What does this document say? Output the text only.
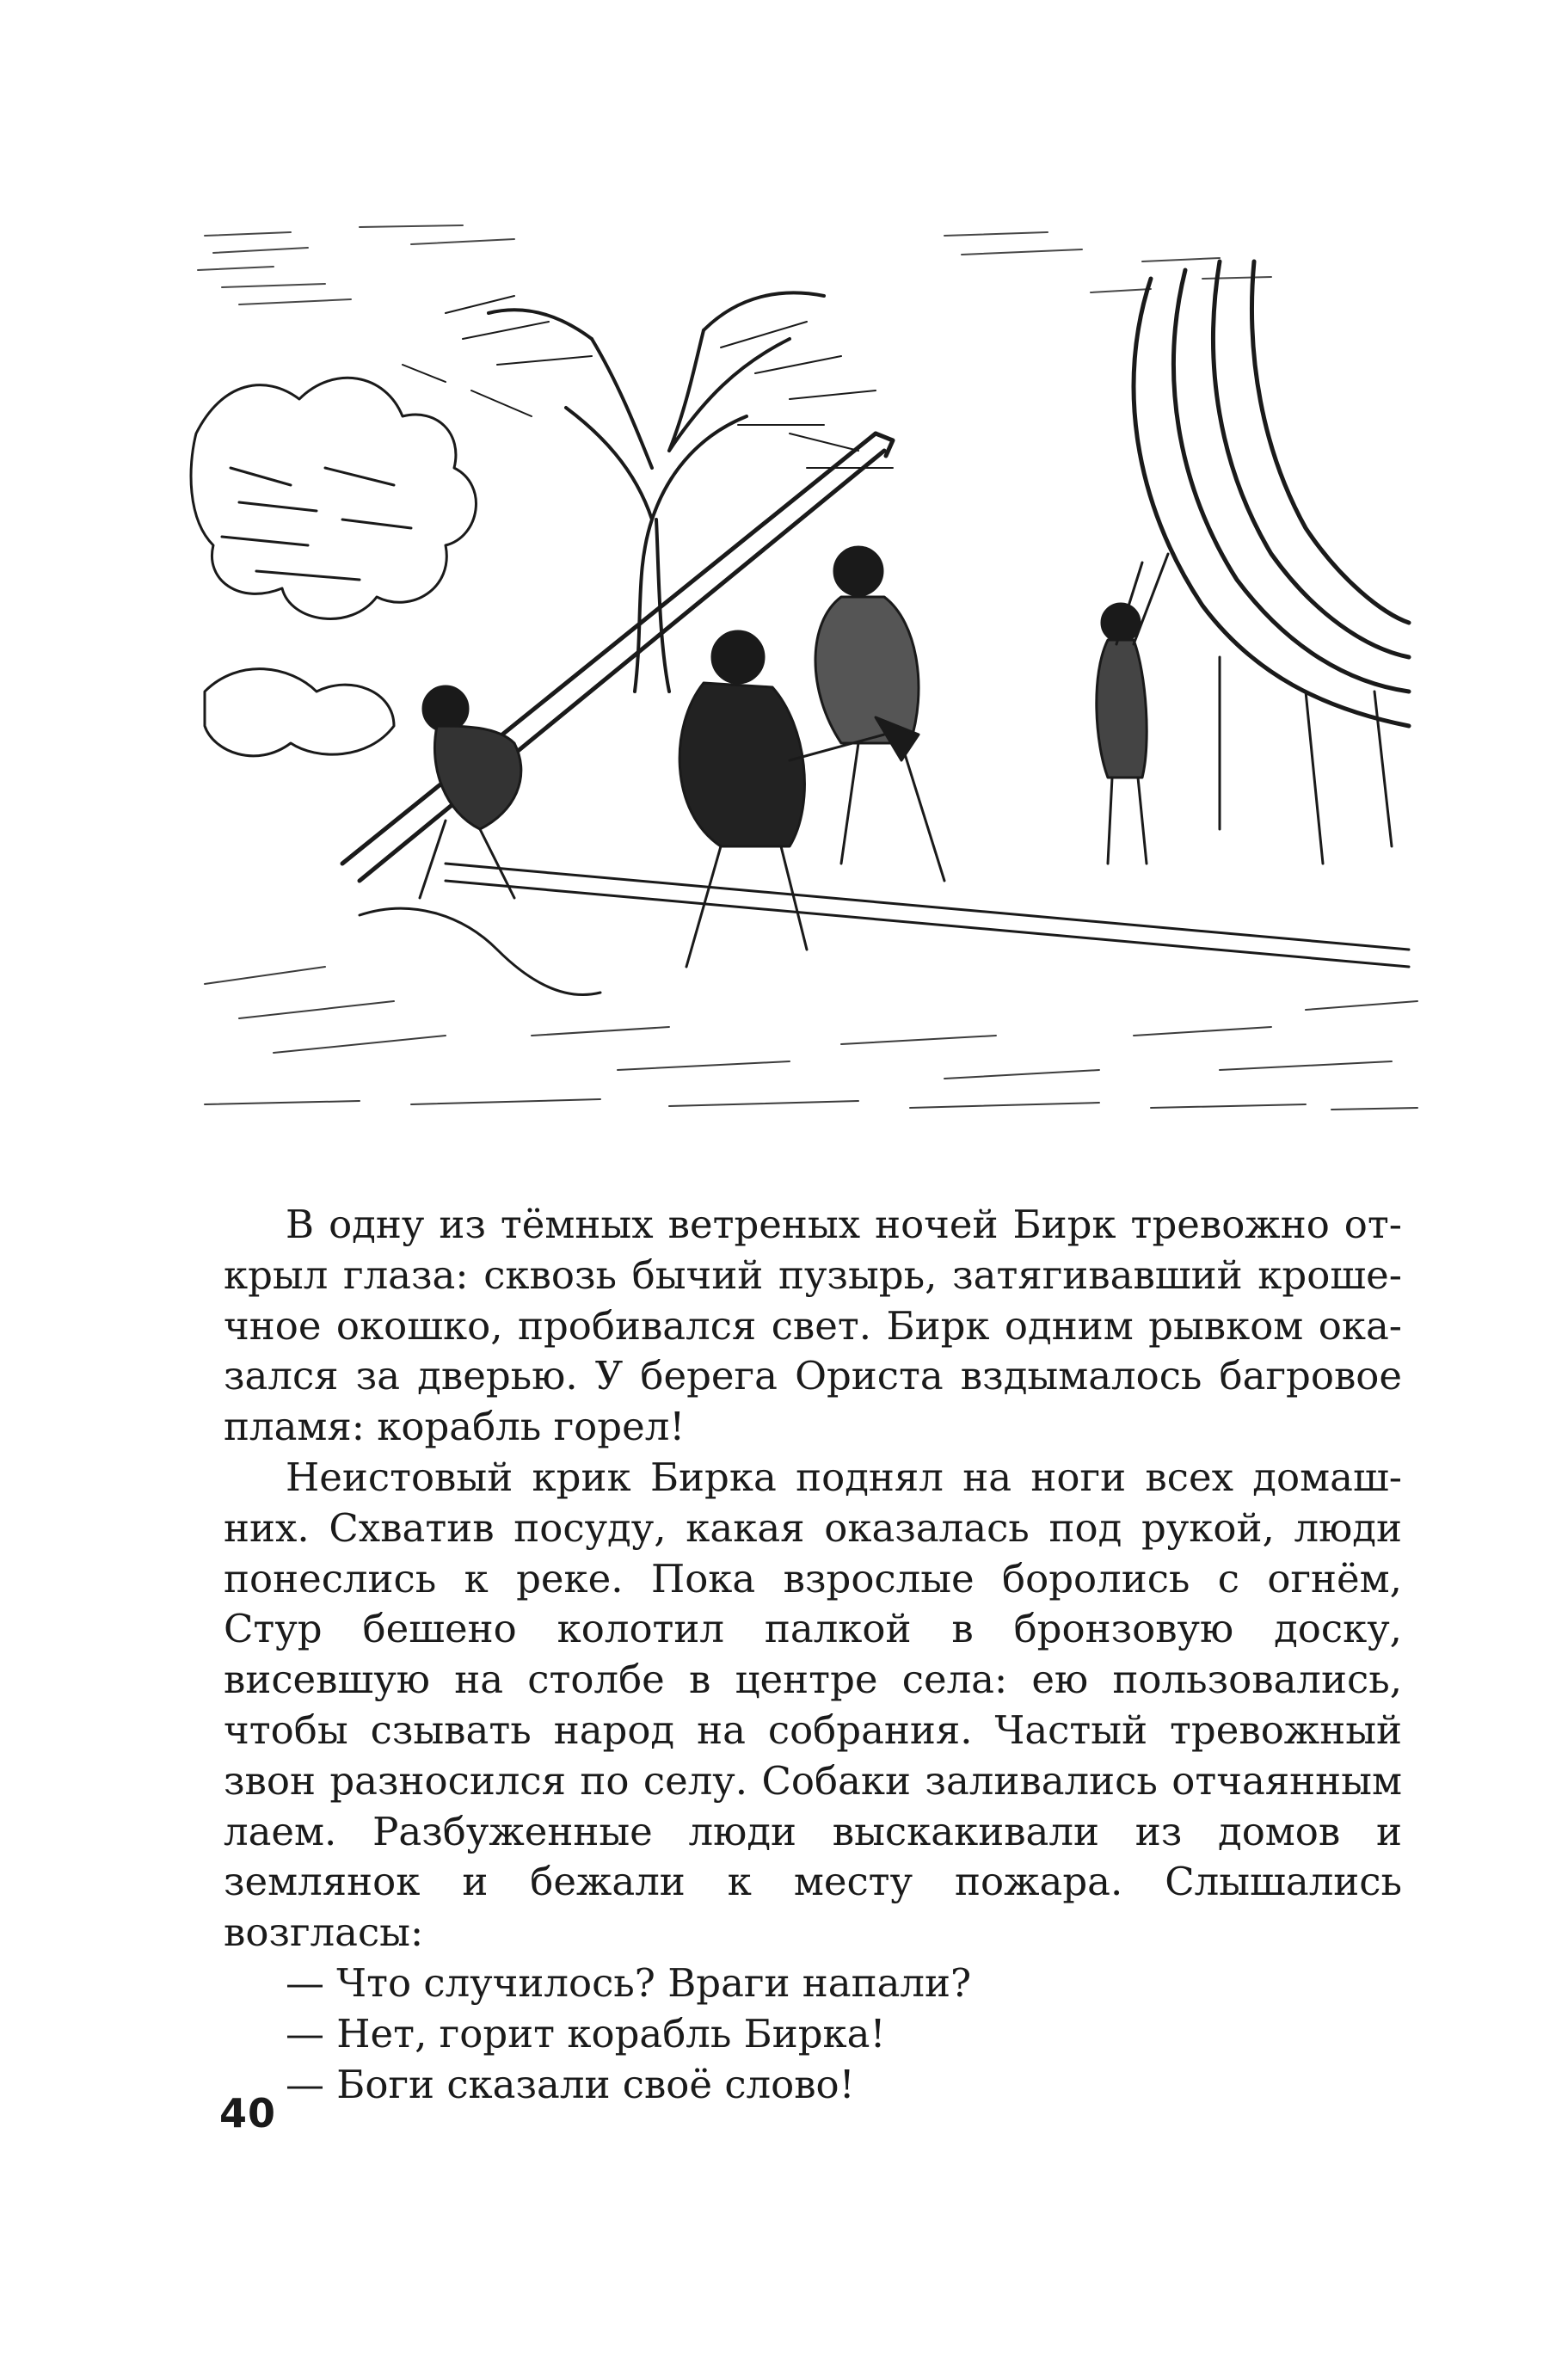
В одну из тёмных ветреных ночей Бирк тревожно открыл глаза: сквозь бычий пузырь, затягивавший крошечное окошко, пробивался свет. Бирк одним рывком оказался за дверью. У берега Ориста вздымалось багровое пламя: корабль горел!

Неистовый крик Бирка поднял на ноги всех домашних. Схватив посуду, какая оказалась под рукой, люди понеслись к реке. Пока взрослые боролись с огнём, Стур бешено колотил палкой в бронзовую доску, висевшую на столбе в центре села: ею пользовались, чтобы сзывать народ на собрания. Частый тревожный звон разносился по селу. Собаки заливались отчаянным лаем. Разбуженные люди выскакивали из домов и землянок и бежали к месту пожара. Слышались возгласы:

— Что случилось? Враги напали?

— Нет, горит корабль Бирка!

— Боги сказали своё слово!

40
